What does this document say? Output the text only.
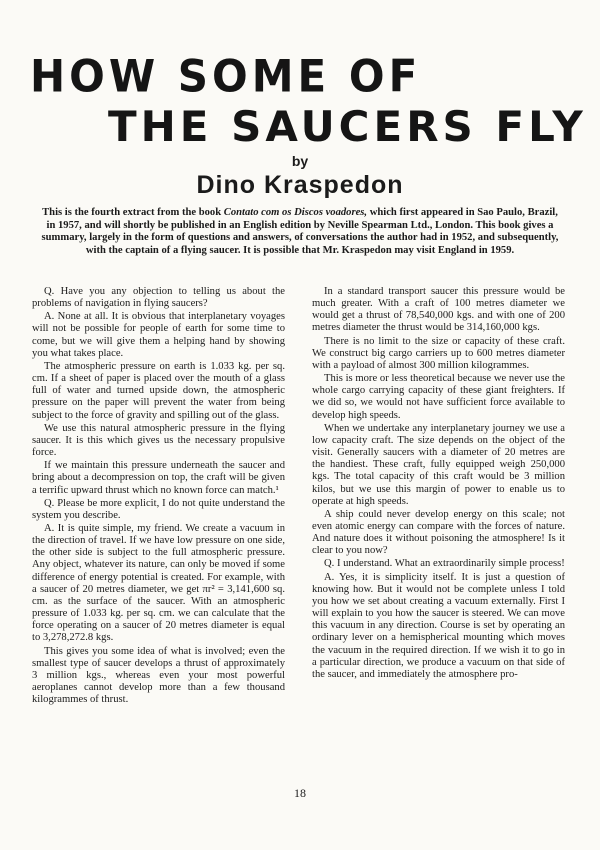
HOW SOME OF
THE SAUCERS FLY
by
Dino Kraspedon
This is the fourth extract from the book Contato com os Discos voadores, which first appeared in Sao Paulo, Brazil, in 1957, and will shortly be published in an English edition by Neville Spearman Ltd., London. This book gives a summary, largely in the form of questions and answers, of conversations the author had in 1952, and subsequently, with the captain of a flying saucer. It is possible that Mr. Kraspedon may visit England in 1959.

Q. Have you any objection to telling us about the problems of navigation in flying saucers?

A. None at all. It is obvious that interplanetary voyages will not be possible for people of earth for some time to come, but we will give them a helping hand by showing you what takes place.

The atmospheric pressure on earth is 1.033 kg. per sq. cm. If a sheet of paper is placed over the mouth of a glass full of water and turned upside down, the atmospheric pressure on the paper will prevent the water from being subject to the force of gravity and spilling out of the glass.

We use this natural atmospheric pressure in the flying saucer. It is this which gives us the necessary propulsive force.

If we maintain this pressure underneath the saucer and bring about a decompression on top, the craft will be given a terrific upward thrust which no known force can match.¹

Q. Please be more explicit, I do not quite understand the system you describe.

A. It is quite simple, my friend. We create a vacuum in the direction of travel. If we have low pressure on one side, the other side is subject to the full atmospheric pressure. Any object, whatever its nature, can only be moved if some difference of energy potential is created. For example, with a saucer of 20 metres diameter, we get πr² = 3,141,600 sq. cm. as the surface of the saucer. With an atmospheric pressure of 1.033 kg. per sq. cm. we can calculate that the force operating on a saucer of 20 metres diameter is equal to 3,278,272.8 kgs.

This gives you some idea of what is involved; even the smallest type of saucer develops a thrust of approximately 3 million kgs., whereas even your most powerful aeroplanes cannot develop more than a few thousand kilogrammes of thrust.

In a standard transport saucer this pressure would be much greater. With a craft of 100 metres diameter we would get a thrust of 78,540,000 kgs. and with one of 200 metres diameter the thrust would be 314,160,000 kgs.

There is no limit to the size or capacity of these craft. We construct big cargo carriers up to 600 metres diameter with a payload of almost 300 million kilogrammes.

This is more or less theoretical because we never use the whole cargo carrying capacity of these giant freighters. If we did so, we would not have sufficient force available to develop high speeds.

When we undertake any interplanetary journey we use a low capacity craft. The size depends on the object of the visit. Generally saucers with a diameter of 20 metres are the handiest. These craft, fully equipped weigh 250,000 kgs. The total capacity of this craft would be 3 million kilos, but we use this margin of power to enable us to operate at high speeds.

A ship could never develop energy on this scale; not even atomic energy can compare with the forces of nature. And nature does it without poisoning the atmosphere! Is it clear to you now?

Q. I understand. What an extraordinarily simple process!

A. Yes, it is simplicity itself. It is just a question of knowing how. But it would not be complete unless I told you how we set about creating a vacuum externally. First I will explain to you how the saucer is steered. We can move this vacuum in any direction. Course is set by operating an ordinary lever on a hemispherical mounting which moves the vacuum in the required direction. If we wish it to go in a particular direction, we produce a vacuum on that side of the saucer, and immediately the atmosphere pro-

18
